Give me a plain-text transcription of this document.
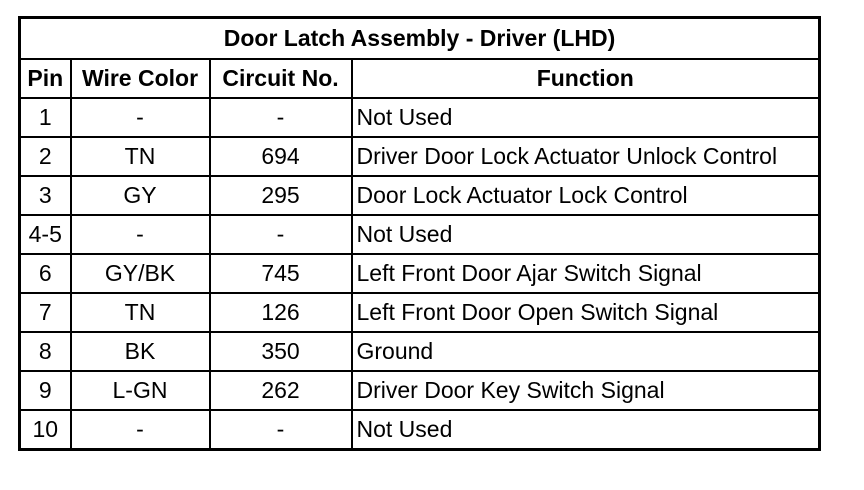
Door Latch Assembly - Driver (LHD)			
Pin	Wire Color	Circuit No.	Function
1	-	-	Not Used
2	TN	694	Driver Door Lock Actuator Unlock Control
3	GY	295	Door Lock Actuator Lock Control
4-5	-	-	Not Used
6	GY/BK	745	Left Front Door Ajar Switch Signal
7	TN	126	Left Front Door Open Switch Signal
8	BK	350	Ground
9	L-GN	262	Driver Door Key Switch Signal
10	-	-	Not Used
